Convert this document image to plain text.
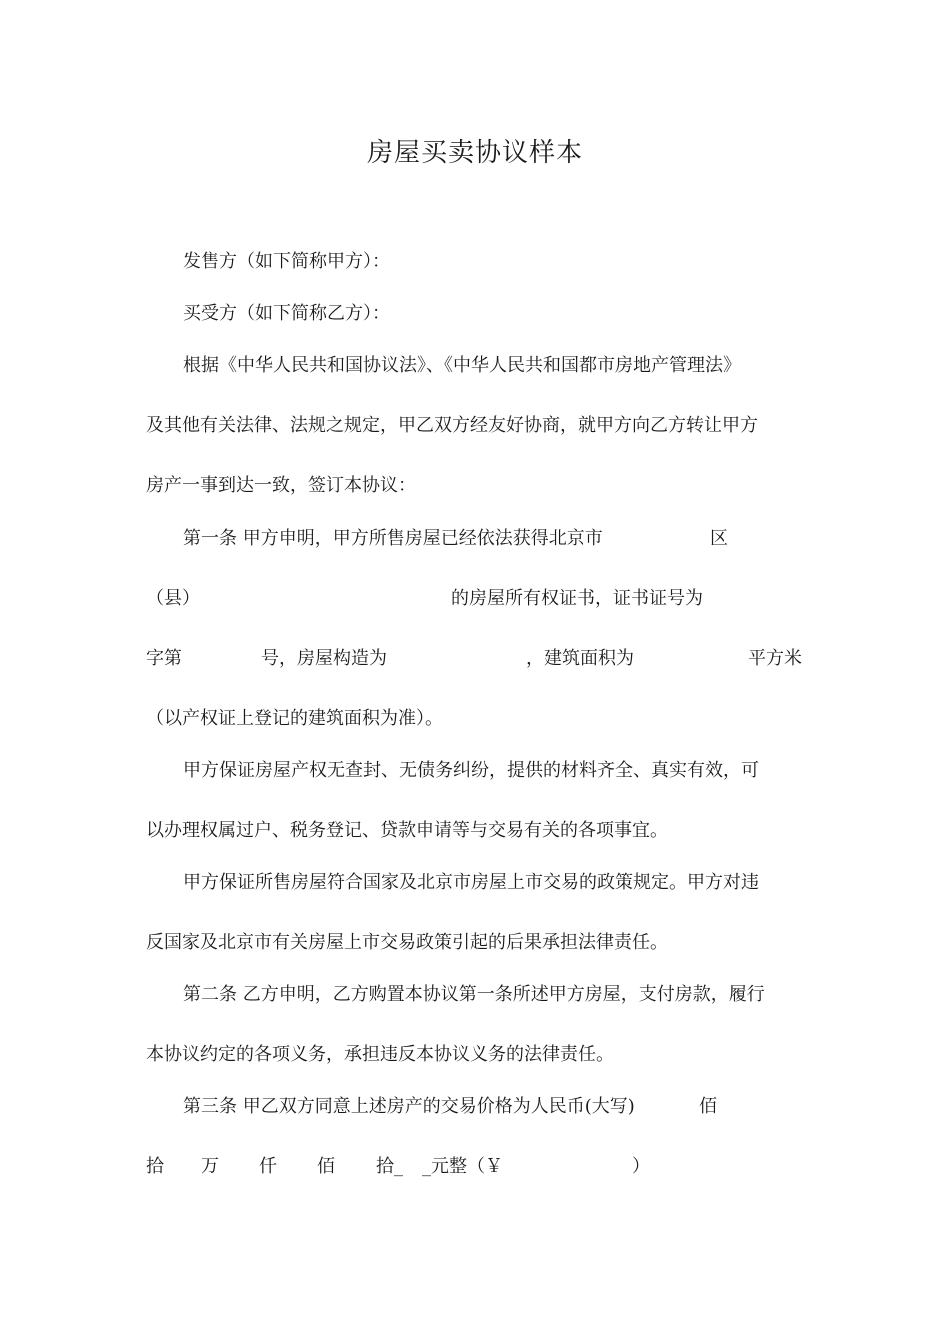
房屋买卖协议样本
发售方（如下简称甲方）：
买受方（如下简称乙方）：
根据《中华人民共和国协议法》、《中华人民共和国都市房地产管理法》
及其他有关法律、法规之规定，甲乙双方经友好协商，就甲方向乙方转让甲方
房产一事到达一致，签订本协议：
第一条 甲方申明，甲方所售房屋已经依法获得北京市	区
（县）	的房屋所有权证书，证书证号为
字第	号，房屋构造为	，建筑面积为	平方米
（以产权证上登记的建筑面积为准）。
甲方保证房屋产权无查封、无债务纠纷，提供的材料齐全、真实有效，可
以办理权属过户、税务登记、贷款申请等与交易有关的各项事宜。
甲方保证所售房屋符合国家及北京市房屋上市交易的政策规定。甲方对违
反国家及北京市有关房屋上市交易政策引起的后果承担法律责任。
第二条 乙方申明，乙方购置本协议第一条所述甲方房屋，支付房款，履行
本协议约定的各项义务，承担违反本协议义务的法律责任。
第三条 甲乙双方同意上述房产的交易价格为人民币(大写)	佰
拾 万 仟 佰 拾_ _元整（￥	）
